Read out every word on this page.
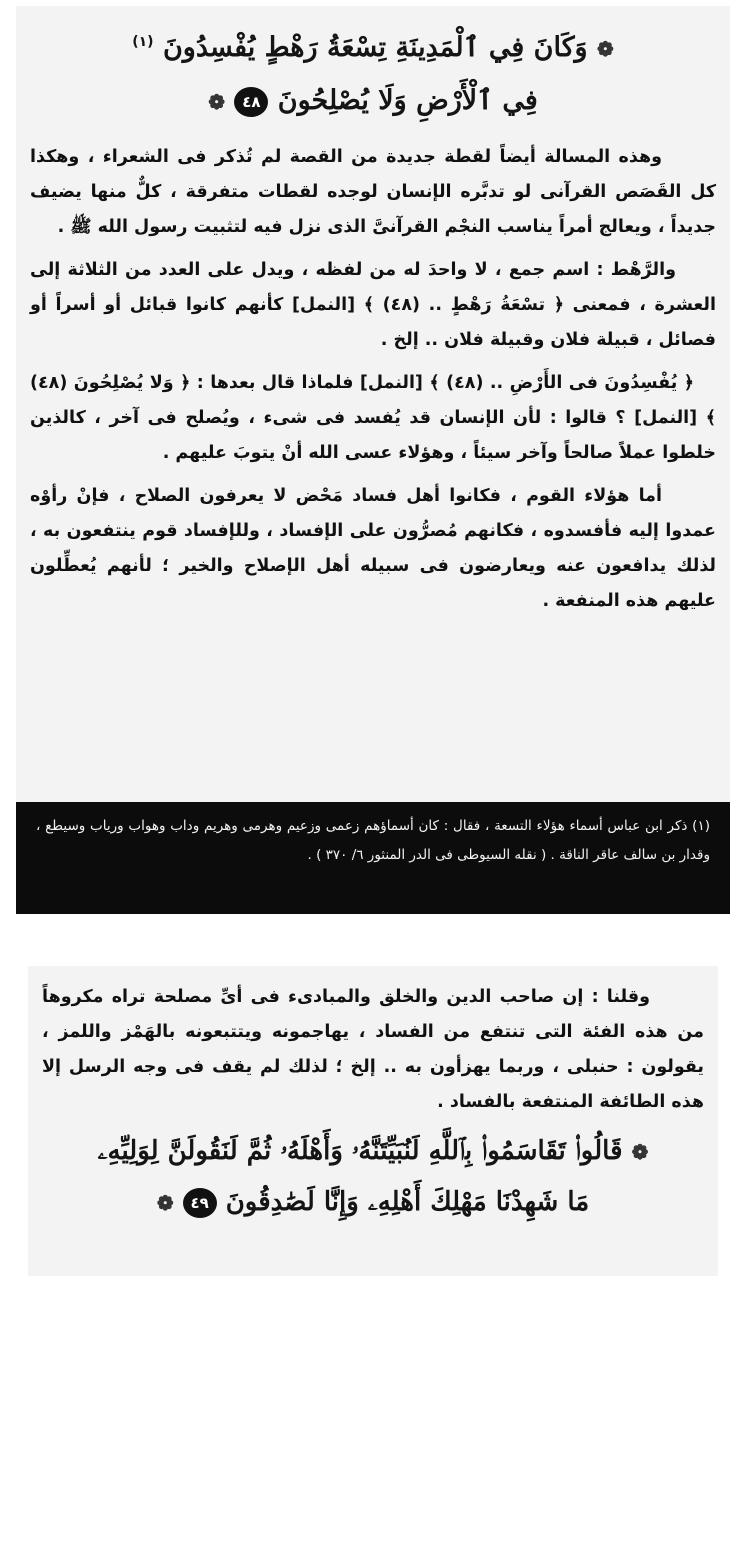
❁ وَكَانَ فِي ٱلْمَدِينَةِ تِسْعَةُ رَهْطٍ يُفْسِدُونَ $^{(١)}$
فِي ٱلْأَرْضِ وَلَا يُصْلِحُونَ ٤٨ ❁

وهذه المسالة أيضاً لقطة جديدة من القصة لم تُذكر فى الشعراء ، وهكذا كل القَصَص القرآنى لو تدبَّره الإنسان لوجده لقطات متفرقة ، كلٌّ منها يضيف جديداً ، ويعالج أمراً يناسب النجْم القرآنىَّ الذى نزل فيه لتثبيت رسول الله ﷺ .

والرَّهْط : اسم جمع ، لا واحدَ له من لفظه ، ويدل على العدد من الثلاثة إلى العشرة ، فمعنى ﴿ تسْعَةُ رَهْطٍ .. (٤٨) ﴾ [النمل] كأنهم كانوا قبائل أو أسراً أو فصائل ، قبيلة فلان وقبيلة فلان .. إلخ .

﴿ يُفْسِدُونَ فى الأَرْضِ .. (٤٨) ﴾ [النمل] فلماذا قال بعدها : ﴿ وَلا يُصْلِحُونَ (٤٨) ﴾ [النمل] ؟ قالوا : لأن الإنسان قد يُفسد فى شىء ، ويُصلح فى آخر ، كالذين خلطوا عملاً صالحاً وآخر سيئاً ، وهؤلاء عسى الله أنْ يتوبَ عليهم .

أما هؤلاء القوم ، فكانوا أهل فساد مَحْض لا يعرفون الصلاح ، فإنْ رأوْه عمدوا إليه فأفسدوه ، فكانهم مُصرُّون على الإفساد ، وللإفساد قوم ينتفعون به ، لذلك يدافعون عنه ويعارضون فى سبيله أهل الإصلاح والخير ؛ لأنهم يُعطِّلون عليهم هذه المنفعة .

(١) ذكر ابن عباس أسماء هؤلاء التسعة ، فقال : كان أسماؤهم زعمى وزعيم وهرمى وهريم وداب وهواب ورياب وسيطع ، وقدار بن سالف عاقر الناقة . ( نقله السيوطى فى الدر المنثور ٦/ ٣٧٠ ) .

وقلنا : إن صاحب الدين والخلق والمبادىء فى أىِّ مصلحة تراه مكروهاً من هذه الفئة التى تنتفع من الفساد ، يهاجمونه ويتتبعونه بالهَمْز واللمز ، يقولون : حنبلى ، وربما يهزأون به .. إلخ ؛ لذلك لم يقف فى وجه الرسل إلا هذه الطائفة المنتفعة بالفساد .

❁ قَالُوا۟ تَقَاسَمُوا۟ بِٱللَّهِ لَنُبَيِّتَنَّهُۥ وَأَهْلَهُۥ ثُمَّ لَنَقُولَنَّ لِوَلِيِّهِۦ
مَا شَهِدْنَا مَهْلِكَ أَهْلِهِۦ وَإِنَّا لَصَٰدِقُونَ ٤٩ ❁
